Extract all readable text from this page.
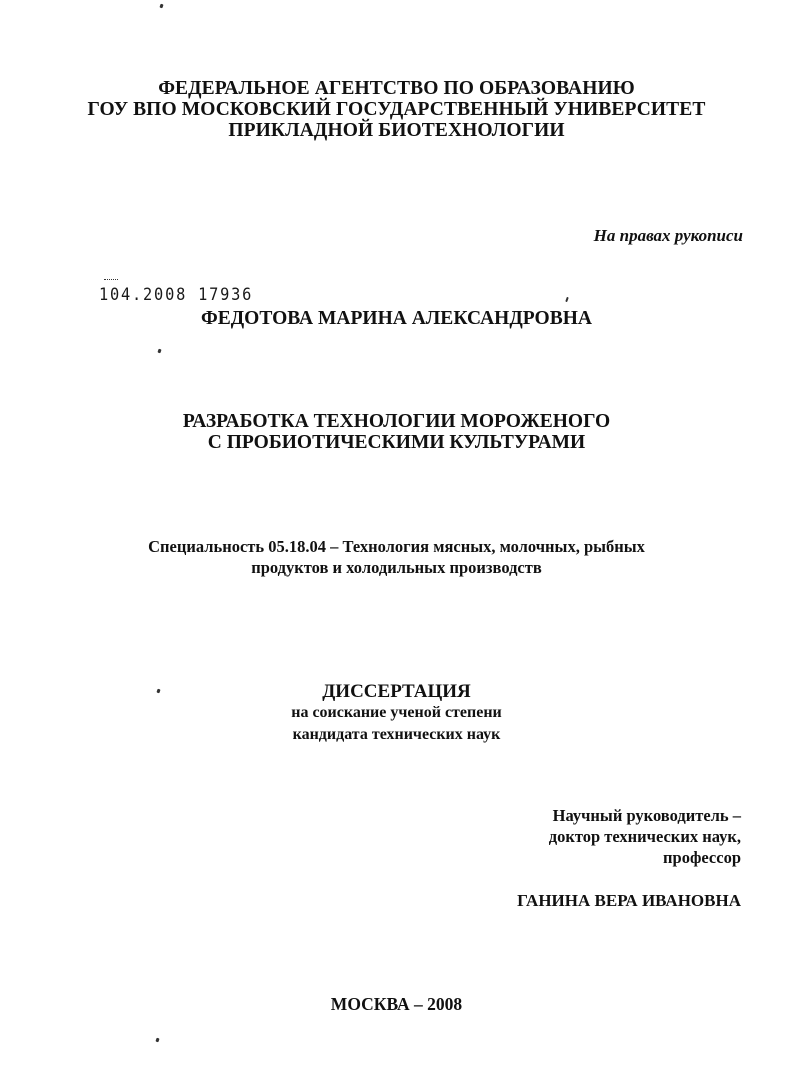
ФЕДЕРАЛЬНОЕ АГЕНТСТВО ПО ОБРАЗОВАНИЮ
ГОУ ВПО МОСКОВСКИЙ ГОСУДАРСТВЕННЫЙ УНИВЕРСИТЕТ
ПРИКЛАДНОЙ БИОТЕХНОЛОГИИ
На правах рукописи
104.2008 17936
ФЕДОТОВА МАРИНА АЛЕКСАНДРОВНА
РАЗРАБОТКА ТЕХНОЛОГИИ МОРОЖЕНОГО
С ПРОБИОТИЧЕСКИМИ КУЛЬТУРАМИ
Специальность 05.18.04 – Технология мясных, молочных, рыбных
продуктов и холодильных производств
ДИССЕРТАЦИЯ
на соискание ученой степени
кандидата технических наук
Научный руководитель –
доктор технических наук,
профессор
ГАНИНА ВЕРА ИВАНОВНА
МОСКВА – 2008
